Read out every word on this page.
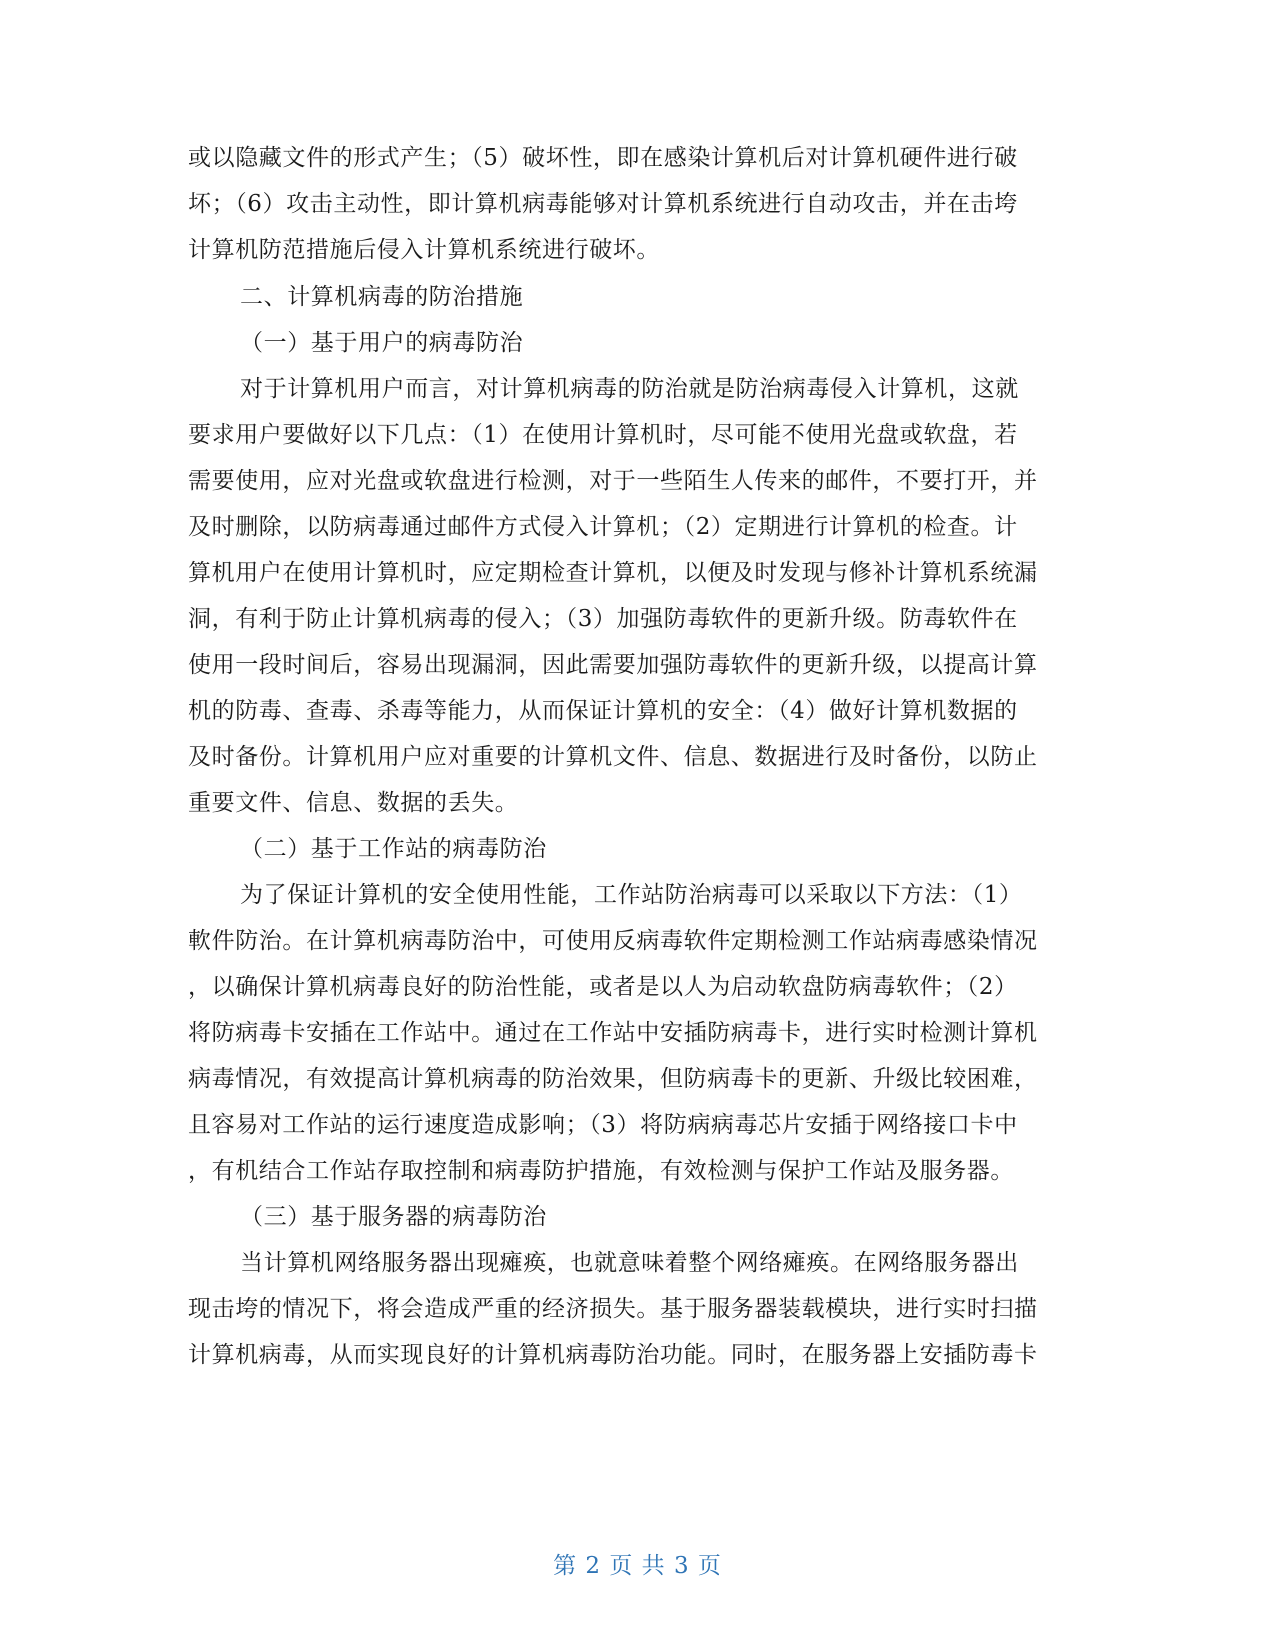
或以隐藏文件的形式产生；（5）破坏性，即在感染计算机后对计算机硬件进行破
坏；（6）攻击主动性，即计算机病毒能够对计算机系统进行自动攻击，并在击垮
计算机防范措施后侵入计算机系统进行破坏。
二、计算机病毒的防治措施
（一）基于用户的病毒防治
对于计算机用户而言，对计算机病毒的防治就是防治病毒侵入计算机，这就
要求用户要做好以下几点：（1）在使用计算机时，尽可能不使用光盘或软盘，若
需要使用，应对光盘或软盘进行检测，对于一些陌生人传来的邮件，不要打开，并
及时删除，以防病毒通过邮件方式侵入计算机；（2）定期进行计算机的检查。计
算机用户在使用计算机时，应定期检查计算机，以便及时发现与修补计算机系统漏
洞，有利于防止计算机病毒的侵入；（3）加强防毒软件的更新升级。防毒软件在
使用一段时间后，容易出现漏洞，因此需要加强防毒软件的更新升级，以提高计算
机的防毒、查毒、杀毒等能力，从而保证计算机的安全：（4）做好计算机数据的
及时备份。计算机用户应对重要的计算机文件、信息、数据进行及时备份，以防止
重要文件、信息、数据的丢失。
（二）基于工作站的病毒防治
为了保证计算机的安全使用性能，工作站防治病毒可以采取以下方法：（1）
軟件防治。在计算机病毒防治中，可使用反病毒软件定期检测工作站病毒感染情况
，以确保计算机病毒良好的防治性能，或者是以人为启动软盘防病毒软件；（2）
将防病毒卡安插在工作站中。通过在工作站中安插防病毒卡，进行实时检测计算机
病毒情况，有效提高计算机病毒的防治效果，但防病毒卡的更新、升级比较困难，
且容易对工作站的运行速度造成影响；（3）将防病病毒芯片安插于网络接口卡中
，有机结合工作站存取控制和病毒防护措施，有效检测与保护工作站及服务器。
（三）基于服务器的病毒防治
当计算机网络服务器出现瘫痪，也就意味着整个网络瘫痪。在网络服务器出
现击垮的情况下，将会造成严重的经济损失。基于服务器装载模块，进行实时扫描
计算机病毒，从而实现良好的计算机病毒防治功能。同时，在服务器上安插防毒卡
第 2 页 共 3 页
